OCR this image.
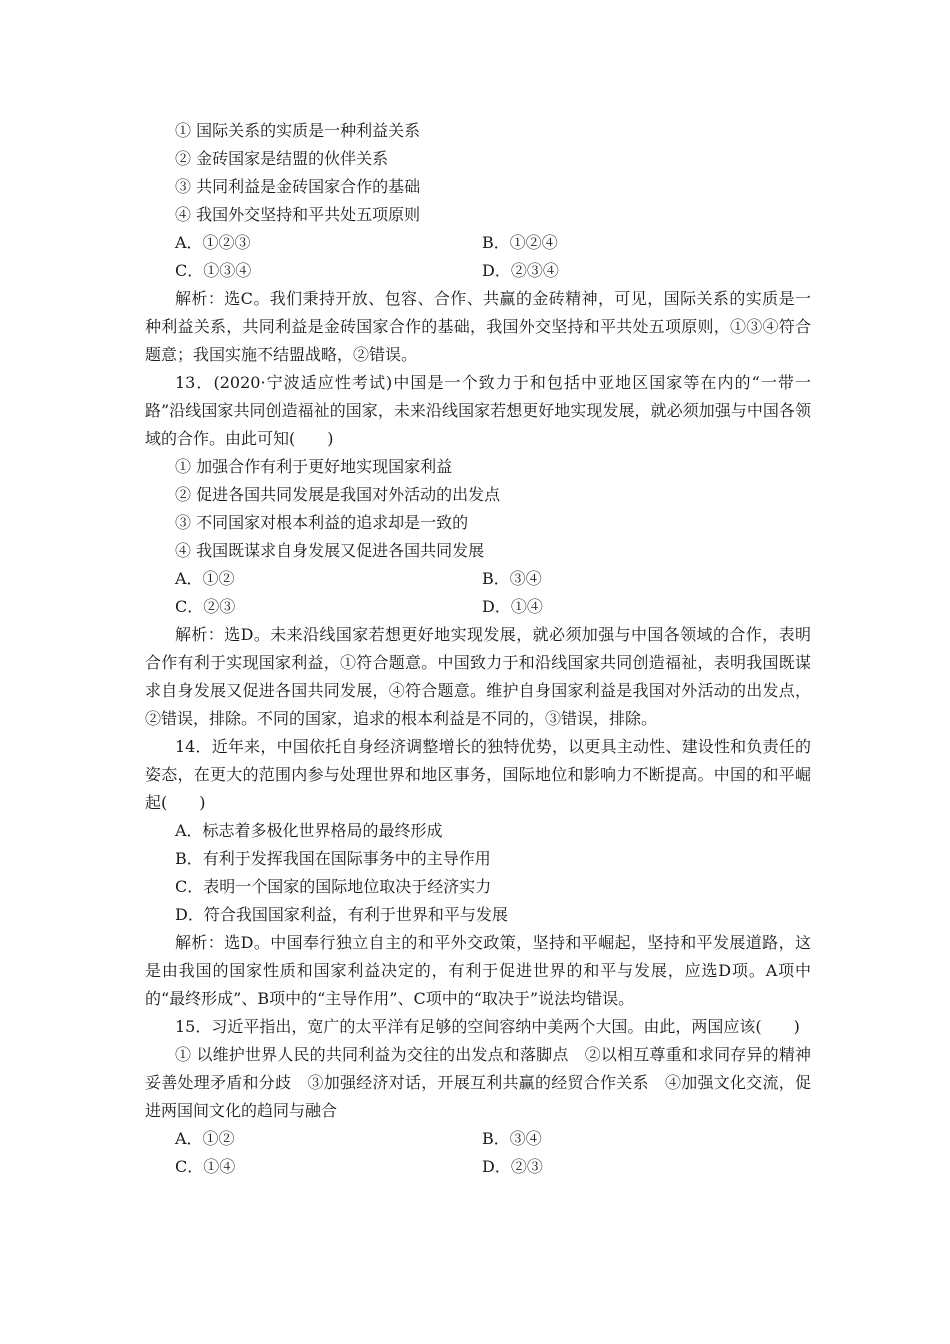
① 国际关系的实质是一种利益关系
② 金砖国家是结盟的伙伴关系
③ 共同利益是金砖国家合作的基础
④ 我国外交坚持和平共处五项原则
A．①②③	B．①②④
C．①③④	D．②③④
解析：选C。我们秉持开放、包容、合作、共赢的金砖精神，可见，国际关系的实质是一种利益关系，共同利益是金砖国家合作的基础，我国外交坚持和平共处五项原则，①③④符合题意；我国实施不结盟战略，②错误。
13．(2020·宁波适应性考试)中国是一个致力于和包括中亚地区国家等在内的“一带一路”沿线国家共同创造福祉的国家，未来沿线国家若想更好地实现发展，就必须加强与中国各领域的合作。由此可知(　　)
① 加强合作有利于更好地实现国家利益
② 促进各国共同发展是我国对外活动的出发点
③ 不同国家对根本利益的追求却是一致的
④ 我国既谋求自身发展又促进各国共同发展
A．①②	B．③④
C．②③	D．①④
解析：选D。未来沿线国家若想更好地实现发展，就必须加强与中国各领域的合作，表明合作有利于实现国家利益，①符合题意。中国致力于和沿线国家共同创造福祉，表明我国既谋求自身发展又促进各国共同发展，④符合题意。维护自身国家利益是我国对外活动的出发点，②错误，排除。不同的国家，追求的根本利益是不同的，③错误，排除。
14．近年来，中国依托自身经济调整增长的独特优势，以更具主动性、建设性和负责任的姿态，在更大的范围内参与处理世界和地区事务，国际地位和影响力不断提高。中国的和平崛起(　　)
A．标志着多极化世界格局的最终形成
B．有利于发挥我国在国际事务中的主导作用
C．表明一个国家的国际地位取决于经济实力
D．符合我国国家利益，有利于世界和平与发展
解析：选D。中国奉行独立自主的和平外交政策，坚持和平崛起，坚持和平发展道路，这是由我国的国家性质和国家利益决定的，有利于促进世界的和平与发展，应选D项。A项中的“最终形成”、B项中的“主导作用”、C项中的“取决于”说法均错误。
15．习近平指出，宽广的太平洋有足够的空间容纳中美两个大国。由此，两国应该(　　)
① 以维护世界人民的共同利益为交往的出发点和落脚点　②以相互尊重和求同存异的精神妥善处理矛盾和分歧　③加强经济对话，开展互利共赢的经贸合作关系　④加强文化交流，促进两国间文化的趋同与融合
A．①②	B．③④
C．①④	D．②③
